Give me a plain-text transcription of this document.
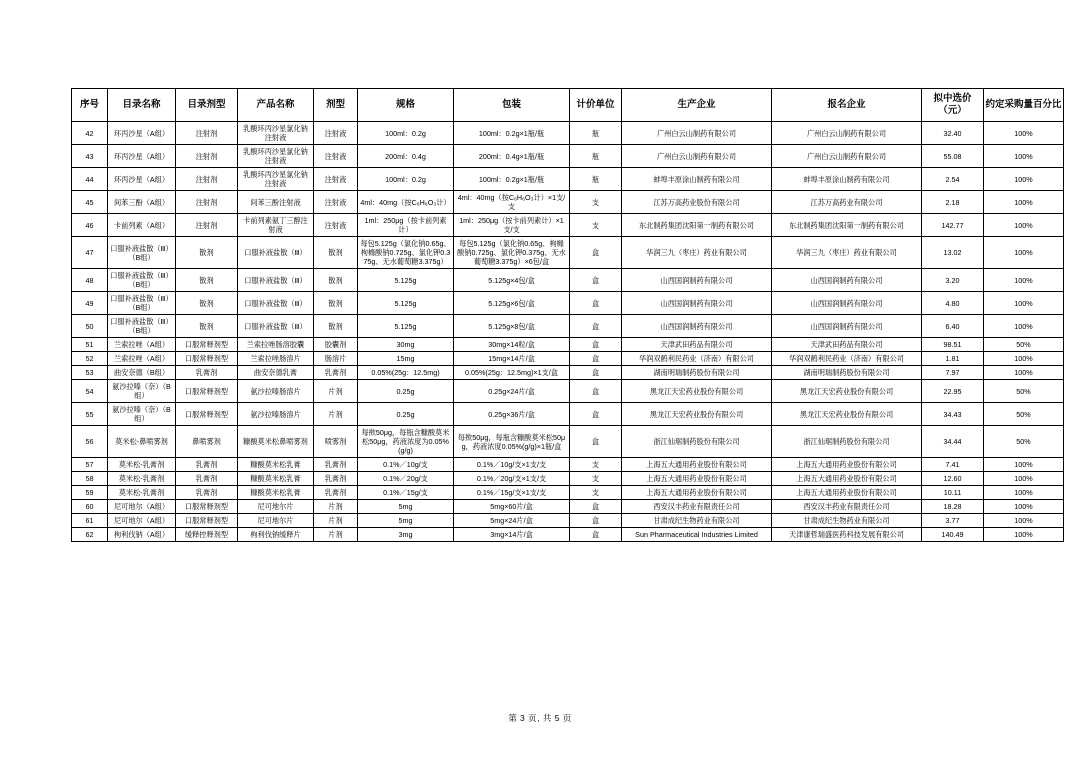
序号	目录名称	目录剂型	产品名称	剂型	规格	包装	计价单位	生产企业	报名企业	拟中选价（元）	约定采购量百分比
42	环丙沙星（A组）	注射剂	乳酸环丙沙星氯化钠注射液	注射液	100ml：0.2g	100ml：0.2g×1瓶/瓶	瓶	广州白云山制药有限公司	广州白云山制药有限公司	32.40	100%
43	环丙沙星（A组）	注射剂	乳酸环丙沙星氯化钠注射液	注射液	200ml：0.4g	200ml：0.4g×1瓶/瓶	瓶	广州白云山制药有限公司	广州白云山制药有限公司	55.08	100%
44	环丙沙星（A组）	注射剂	乳酸环丙沙星氯化钠注射液	注射液	100ml：0.2g	100ml：0.2g×1瓶/瓶	瓶	蚌埠丰原涂山制药有限公司	蚌埠丰原涂山制药有限公司	2.54	100%
45	间苯三酚（A组）	注射剂	间苯三酚注射液	注射液	4ml：40mg（按C₆H₆O₃计）	4ml：40mg（按C₆H₆O₃计）×1支/支	支	江苏万高药业股份有限公司	江苏万高药业有限公司	2.18	100%
46	卡前列素（A组）	注射剂	卡前列素氨丁三醇注射液	注射液	1ml：250μg（按卡前列素计）	1ml：250μg（按卡前列素计）×1支/支	支	东北制药集团沈阳第一制药有限公司	东北制药集团沈阳第一制药有限公司	142.77	100%
47	口服补液盐散（Ⅲ）（B组）	散剂	口服补液盐散（Ⅲ）	散剂	每包5.125g（氯化钠0.65g、枸橼酸钠0.725g、氯化钾0.375g、无水葡萄糖3.375g）	每包5.125g（氯化钠0.65g、枸橼酸钠0.725g、氯化钾0.375g、无水葡萄糖3.375g）×6包/盒	盒	华润三九（枣庄）药业有限公司	华润三九（枣庄）药业有限公司	13.02	100%
48	口服补液盐散（Ⅲ）（B组）	散剂	口服补液盐散（Ⅲ）	散剂	5.125g	5.125g×4包/盒	盒	山西国润制药有限公司	山西国润制药有限公司	3.20	100%
49	口服补液盐散（Ⅲ）（B组）	散剂	口服补液盐散（Ⅲ）	散剂	5.125g	5.125g×6包/盒	盒	山西国润制药有限公司	山西国润制药有限公司	4.80	100%
50	口服补液盐散（Ⅲ）（B组）	散剂	口服补液盐散（Ⅲ）	散剂	5.125g	5.125g×8包/盒	盒	山西国润制药有限公司	山西国润制药有限公司	6.40	100%
51	兰索拉唑（A组）	口服常释剂型	兰索拉唑肠溶胶囊	胶囊剂	30mg	30mg×14粒/盒	盒	天津武田药品有限公司	天津武田药品有限公司	98.51	50%
52	兰索拉唑（A组）	口服常释剂型	兰索拉唑肠溶片	肠溶片	15mg	15mg×14片/盒	盒	华润双鹤利民药业（济南）有限公司	华润双鹤利民药业（济南）有限公司	1.81	100%
53	曲安奈德（B组）	乳膏剂	曲安奈德乳膏	乳膏剂	0.05%(25g：12.5mg)	0.05%(25g：12.5mg)×1支/盒	盒	湖南明瑞制药股份有限公司	湖南明瑞制药股份有限公司	7.97	100%
54	氨沙拉嗪（奈）（B组）	口服常释剂型	氨沙拉嗪肠溶片	片剂	0.25g	0.25g×24片/盒	盒	黑龙江天宏药业股份有限公司	黑龙江天宏药业股份有限公司	22.95	50%
55	氨沙拉嗪（奈）（B组）	口服常释剂型	氨沙拉嗪肠溶片	片剂	0.25g	0.25g×36片/盒	盒	黑龙江天宏药业股份有限公司	黑龙江天宏药业股份有限公司	34.43	50%
56	莫米松-鼻喷雾剂	鼻喷雾剂	糠酸莫米松鼻喷雾剂	喷雾剂	每揿50μg，每瓶含糠酸莫米松50μg，药液浓度为0.05%(g/g)	每揿50μg，每瓶含糠酸莫米松50μg，药液浓度0.05%(g/g)×1瓶/盒	盒	浙江仙琚制药股份有限公司	浙江仙琚制药股份有限公司	34.44	50%
57	莫米松-乳膏剂	乳膏剂	糠酸莫米松乳膏	乳膏剂	0.1%／10g/支	0.1%／10g/支×1支/支	支	上海五大通用药业股份有限公司	上海五大通用药业股份有限公司	7.41	100%
58	莫米松-乳膏剂	乳膏剂	糠酸莫米松乳膏	乳膏剂	0.1%／20g/支	0.1%／20g/支×1支/支	支	上海五大通用药业股份有限公司	上海五大通用药业股份有限公司	12.60	100%
59	莫米松-乳膏剂	乳膏剂	糠酸莫米松乳膏	乳膏剂	0.1%／15g/支	0.1%／15g/支×1支/支	支	上海五大通用药业股份有限公司	上海五大通用药业股份有限公司	10.11	100%
60	尼可地尔（A组）	口服常释剂型	尼可地尔片	片剂	5mg	5mg×60片/盒	盒	西安汉丰药业有限责任公司	西安汉丰药业有限责任公司	18.28	100%
61	尼可地尔（A组）	口服常释剂型	尼可地尔片	片剂	5mg	5mg×24片/盒	盒	甘肃成纪生物药业有限公司	甘肃成纪生物药业有限公司	3.77	100%
62	枸利伐钠（A组）	缓释控释剂型	枸利伐钠缓释片	片剂	3mg	3mg×14片/盒	盒	Sun Pharmaceutical Industries Limited	天津康哲瑞盛医药科技发展有限公司	140.49	100%
第 3 页, 共 5 页
